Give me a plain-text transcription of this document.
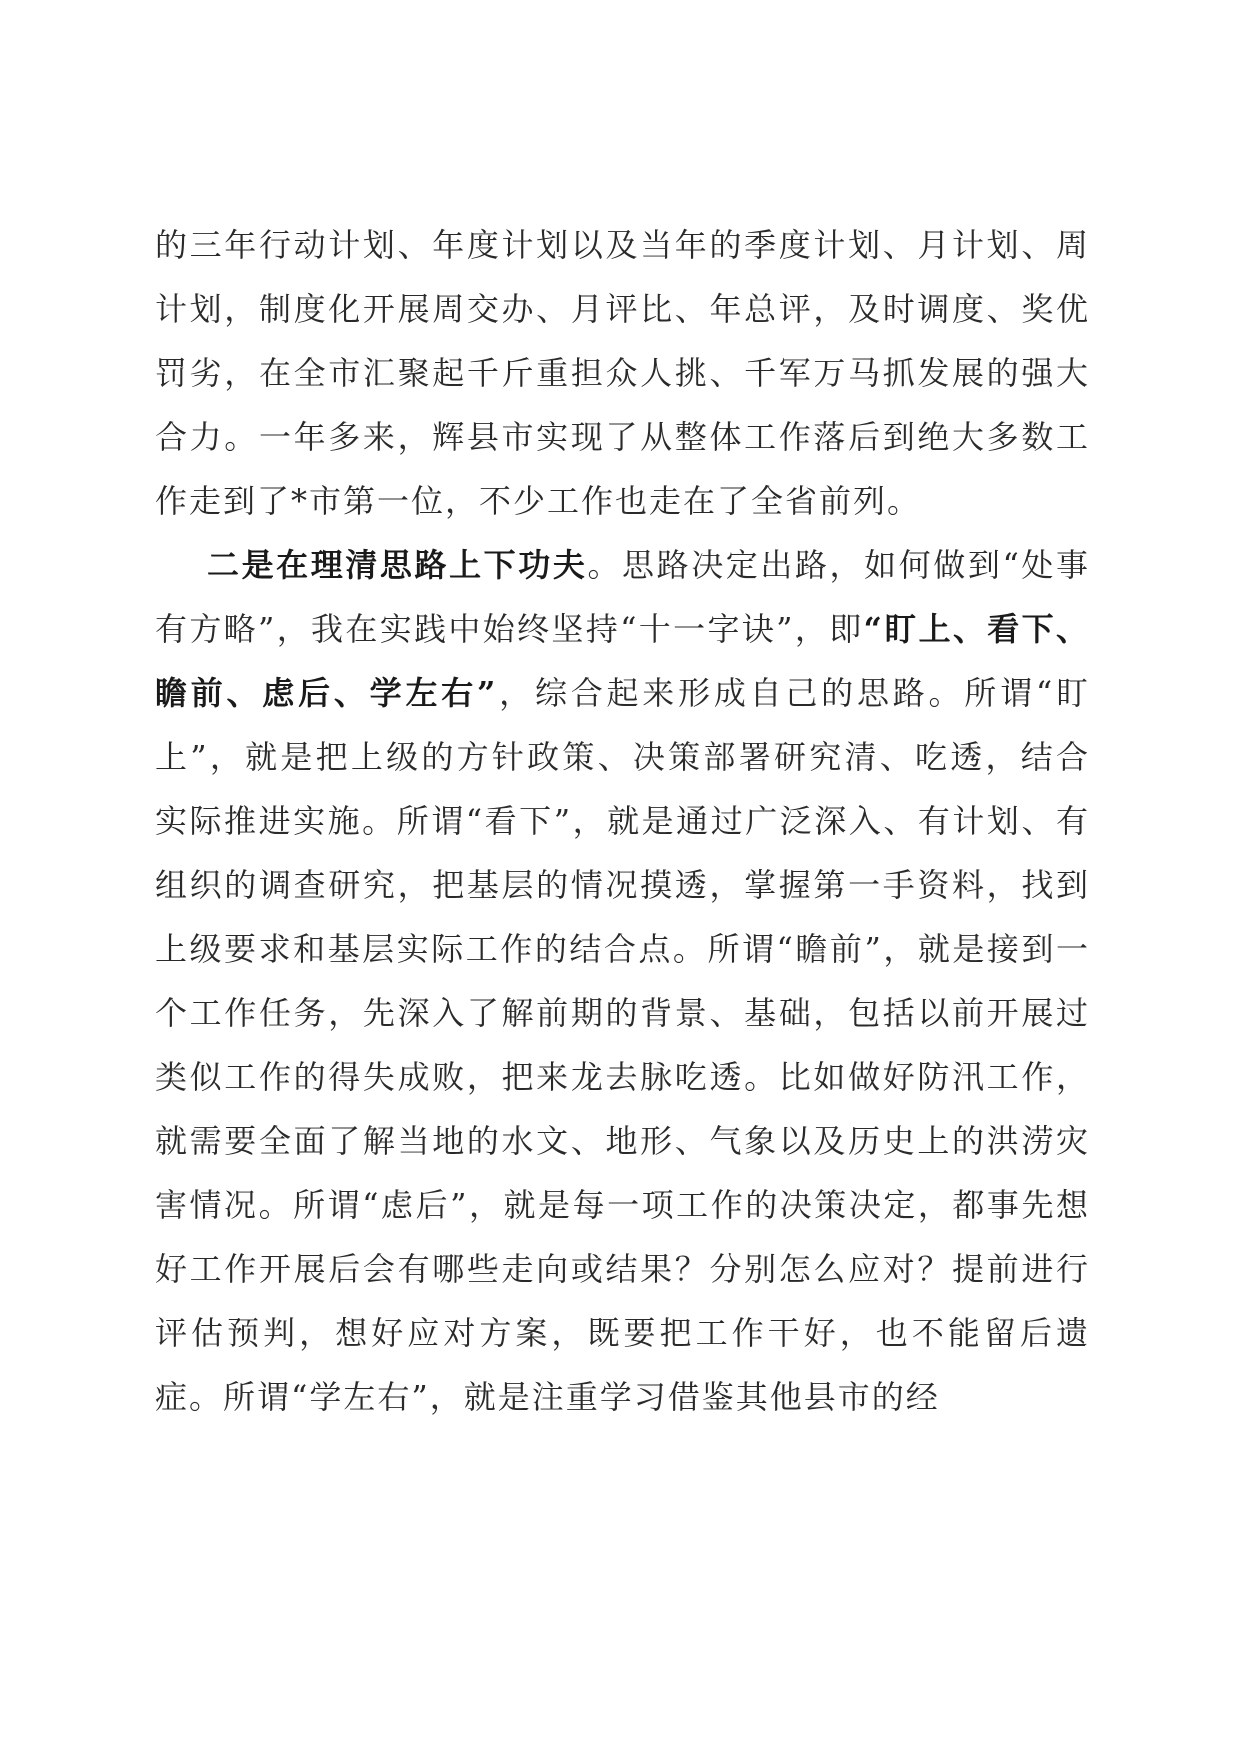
的三年行动计划、年度计划以及当年的季度计划、月计划、周计划，制度化开展周交办、月评比、年总评，及时调度、奖优罚劣，在全市汇聚起千斤重担众人挑、千军万马抓发展的强大合力。一年多来，辉县市实现了从整体工作落后到绝大多数工作走到了*市第一位，不少工作也走在了全省前列。

二是在理清思路上下功夫。思路决定出路，如何做到“处事有方略”，我在实践中始终坚持“十一字诀”，即“盯上、看下、瞻前、虑后、学左右”，综合起来形成自己的思路。所谓“盯上”，就是把上级的方针政策、决策部署研究清、吃透，结合实际推进实施。所谓“看下”，就是通过广泛深入、有计划、有组织的调查研究，把基层的情况摸透，掌握第一手资料，找到上级要求和基层实际工作的结合点。所谓“瞻前”，就是接到一个工作任务，先深入了解前期的背景、基础，包括以前开展过类似工作的得失成败，把来龙去脉吃透。比如做好防汛工作，就需要全面了解当地的水文、地形、气象以及历史上的洪涝灾害情况。所谓“虑后”，就是每一项工作的决策决定，都事先想好工作开展后会有哪些走向或结果？分别怎么应对？提前进行评估预判，想好应对方案，既要把工作干好，也不能留后遗症。所谓“学左右”，就是注重学习借鉴其他县市的经
